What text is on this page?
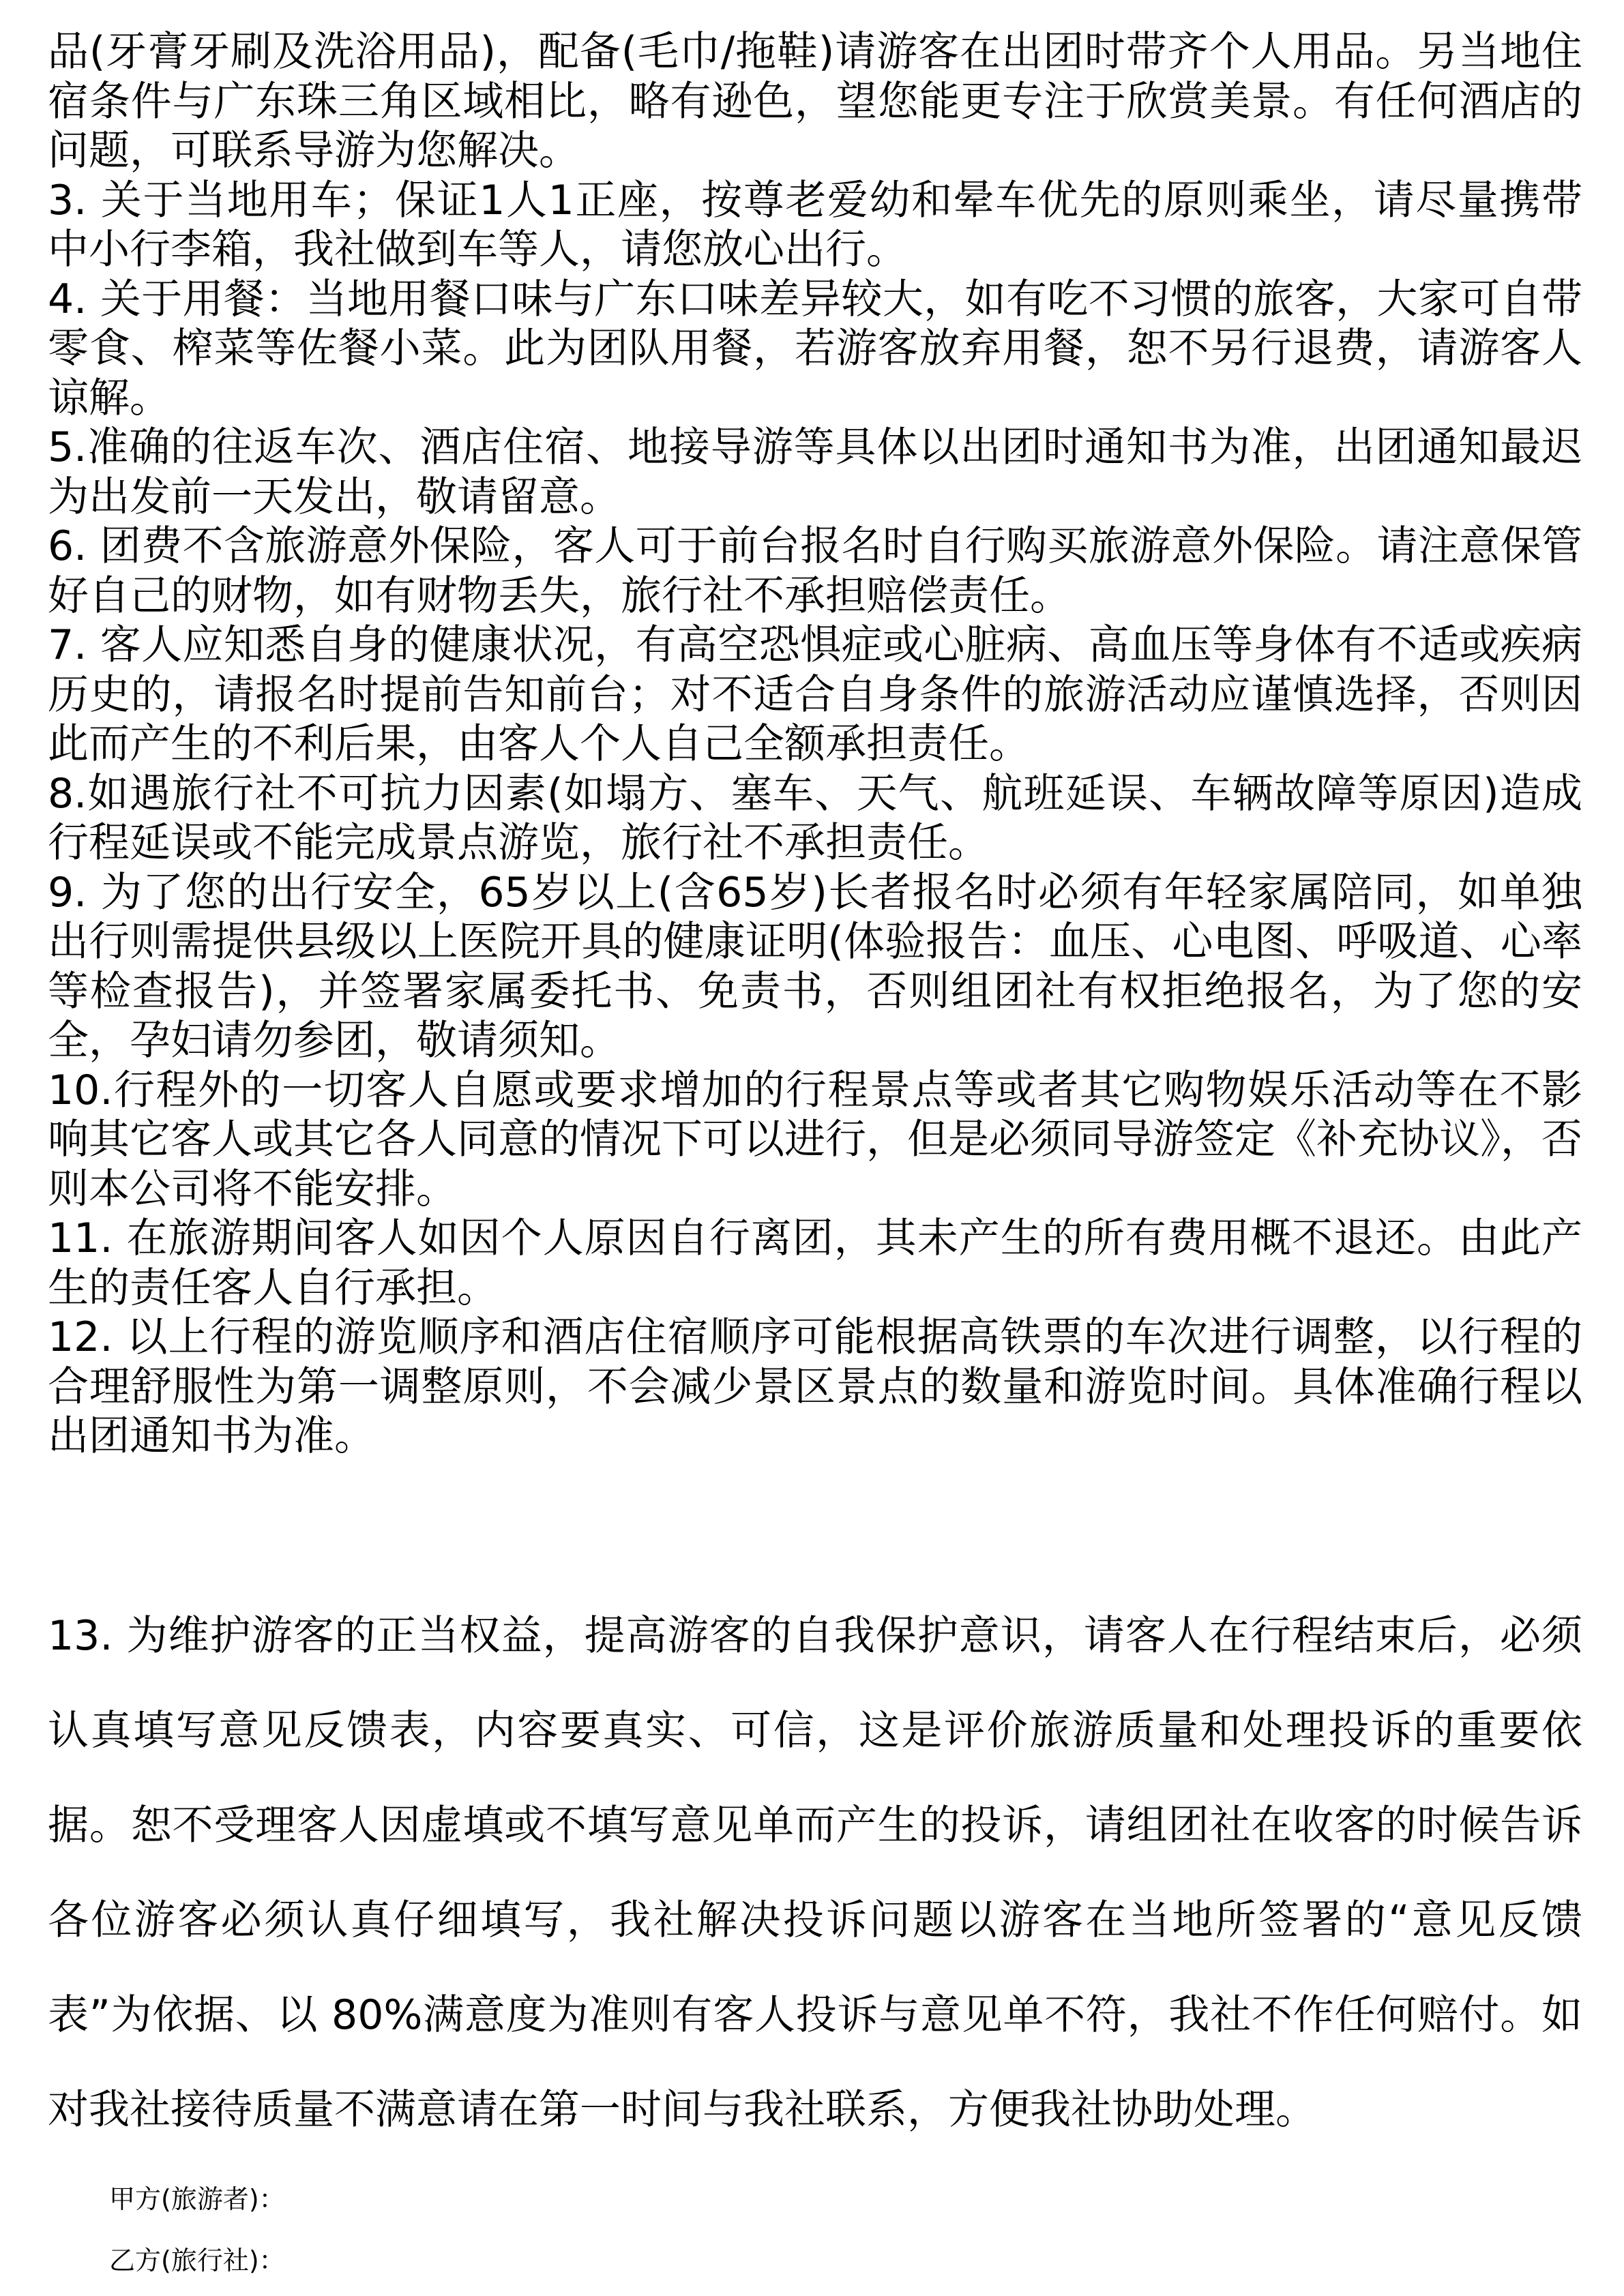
品(牙膏牙刷及洗浴用品)，配备(毛巾/拖鞋)请游客在出团时带齐个人用品。另当地住宿条件与广东珠三角区域相比，略有逊色，望您能更专注于欣赏美景。有任何酒店的问题，可联系导游为您解决。

3. 关于当地用车；保证1人1正座，按尊老爱幼和晕车优先的原则乘坐，请尽量携带中小行李箱，我社做到车等人，请您放心出行。

4. 关于用餐：当地用餐口味与广东口味差异较大，如有吃不习惯的旅客，大家可自带零食、榨菜等佐餐小菜。此为团队用餐，若游客放弃用餐，恕不另行退费，请游客人谅解。

5.准确的往返车次、酒店住宿、地接导游等具体以出团时通知书为准，出团通知最迟为出发前一天发出，敬请留意。

6. 团费不含旅游意外保险，客人可于前台报名时自行购买旅游意外保险。请注意保管好自己的财物，如有财物丢失，旅行社不承担赔偿责任。

7. 客人应知悉自身的健康状况，有高空恐惧症或心脏病、高血压等身体有不适或疾病历史的，请报名时提前告知前台；对不适合自身条件的旅游活动应谨慎选择，否则因此而产生的不利后果，由客人个人自己全额承担责任。

8.如遇旅行社不可抗力因素(如塌方、塞车、天气、航班延误、车辆故障等原因)造成行程延误或不能完成景点游览，旅行社不承担责任。

9. 为了您的出行安全，65岁以上(含65岁)长者报名时必须有年轻家属陪同，如单独出行则需提供县级以上医院开具的健康证明(体验报告：血压、心电图、呼吸道、心率等检查报告)，并签署家属委托书、免责书，否则组团社有权拒绝报名，为了您的安全，孕妇请勿参团，敬请须知。

10.行程外的一切客人自愿或要求增加的行程景点等或者其它购物娱乐活动等在不影响其它客人或其它各人同意的情况下可以进行，但是必须同导游签定《补充协议》，否则本公司将不能安排。

11. 在旅游期间客人如因个人原因自行离团，其未产生的所有费用概不退还。由此产生的责任客人自行承担。

12. 以上行程的游览顺序和酒店住宿顺序可能根据高铁票的车次进行调整，以行程的合理舒服性为第一调整原则，不会减少景区景点的数量和游览时间。具体准确行程以出团通知书为准。

13. 为维护游客的正当权益，提高游客的自我保护意识，请客人在行程结束后，必须认真填写意见反馈表，内容要真实、可信，这是评价旅游质量和处理投诉的重要依据。恕不受理客人因虚填或不填写意见单而产生的投诉，请组团社在收客的时候告诉各位游客必须认真仔细填写，我社解决投诉问题以游客在当地所签署的“意见反馈表”为依据、以 80%满意度为准则有客人投诉与意见单不符，我社不作任何赔付。如对我社接待质量不满意请在第一时间与我社联系，方便我社协助处理。

甲方(旅游者)：
乙方(旅行社)：
